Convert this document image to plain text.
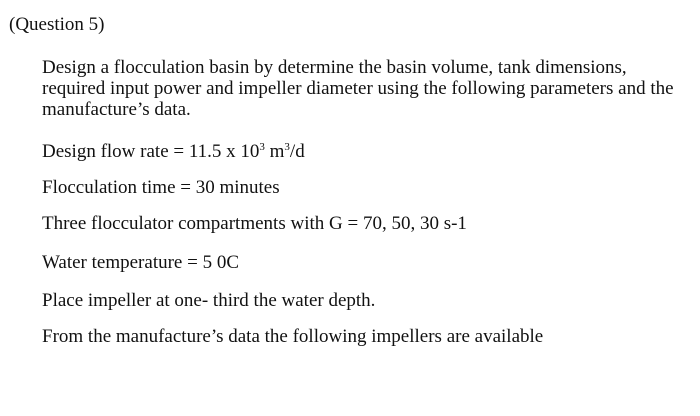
(Question 5)

Design a flocculation basin by determine the basin volume, tank dimensions, required input power and impeller diameter using the following parameters and the manufacture’s data.

Design flow rate = 11.5 x $10^3$ $m^3/d$

Flocculation time = 30 minutes

Three flocculator compartments with G = 70, 50, 30 s-1

Water temperature = 5 0C

Place impeller at one- third the water depth.

From the manufacture’s data the following impellers are available
